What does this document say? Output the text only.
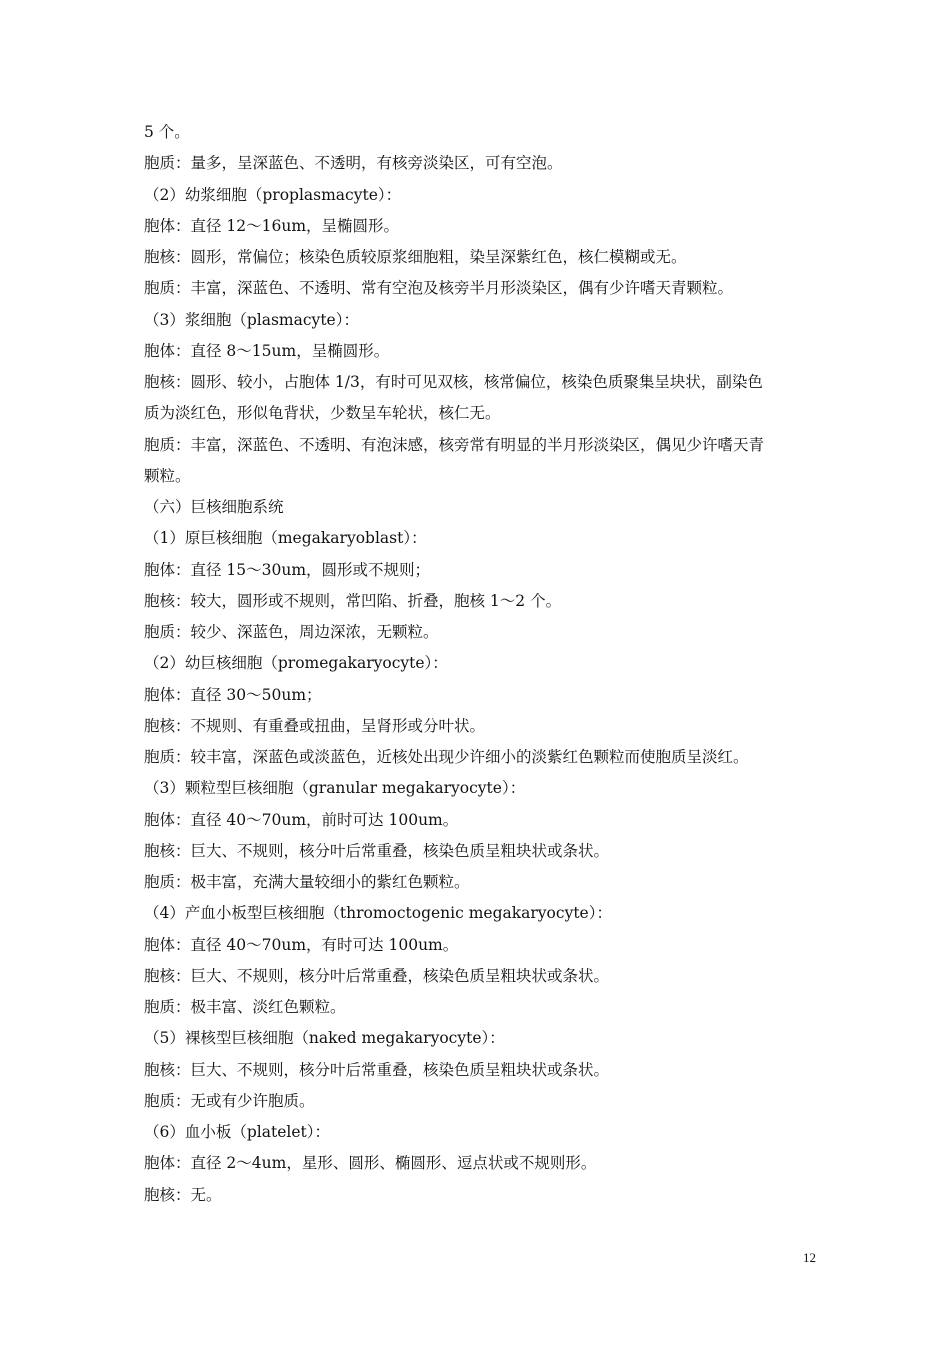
5 个。
胞质：量多，呈深蓝色、不透明，有核旁淡染区，可有空泡。
（2）幼浆细胞（proplasmacyte）：
胞体：直径 12～16um，呈椭圆形。
胞核：圆形，常偏位；核染色质较原浆细胞粗，染呈深紫红色，核仁模糊或无。
胞质：丰富，深蓝色、不透明、常有空泡及核旁半月形淡染区，偶有少许嗜天青颗粒。
（3）浆细胞（plasmacyte）：
胞体：直径 8～15um，呈椭圆形。
胞核：圆形、较小，占胞体 1/3，有时可见双核，核常偏位，核染色质聚集呈块状，副染色
质为淡红色，形似龟背状，少数呈车轮状，核仁无。
胞质：丰富，深蓝色、不透明、有泡沫感，核旁常有明显的半月形淡染区，偶见少许嗜天青
颗粒。
（六）巨核细胞系统
（1）原巨核细胞（megakaryoblast）：
胞体：直径 15～30um，圆形或不规则；
胞核：较大，圆形或不规则，常凹陷、折叠，胞核 1～2 个。
胞质：较少、深蓝色，周边深浓，无颗粒。
（2）幼巨核细胞（promegakaryocyte）：
胞体：直径 30～50um；
胞核：不规则、有重叠或扭曲，呈肾形或分叶状。
胞质：较丰富，深蓝色或淡蓝色，近核处出现少许细小的淡紫红色颗粒而使胞质呈淡红。
（3）颗粒型巨核细胞（granular megakaryocyte）：
胞体：直径 40～70um，前时可达 100um。
胞核：巨大、不规则，核分叶后常重叠，核染色质呈粗块状或条状。
胞质：极丰富，充满大量较细小的紫红色颗粒。
（4）产血小板型巨核细胞（thromoctogenic megakaryocyte）：
胞体：直径 40～70um，有时可达 100um。
胞核：巨大、不规则，核分叶后常重叠，核染色质呈粗块状或条状。
胞质：极丰富、淡红色颗粒。
（5）裸核型巨核细胞（naked megakaryocyte）：
胞核：巨大、不规则，核分叶后常重叠，核染色质呈粗块状或条状。
胞质：无或有少许胞质。
（6）血小板（platelet）：
胞体：直径 2～4um，星形、圆形、椭圆形、逗点状或不规则形。
胞核：无。
12
